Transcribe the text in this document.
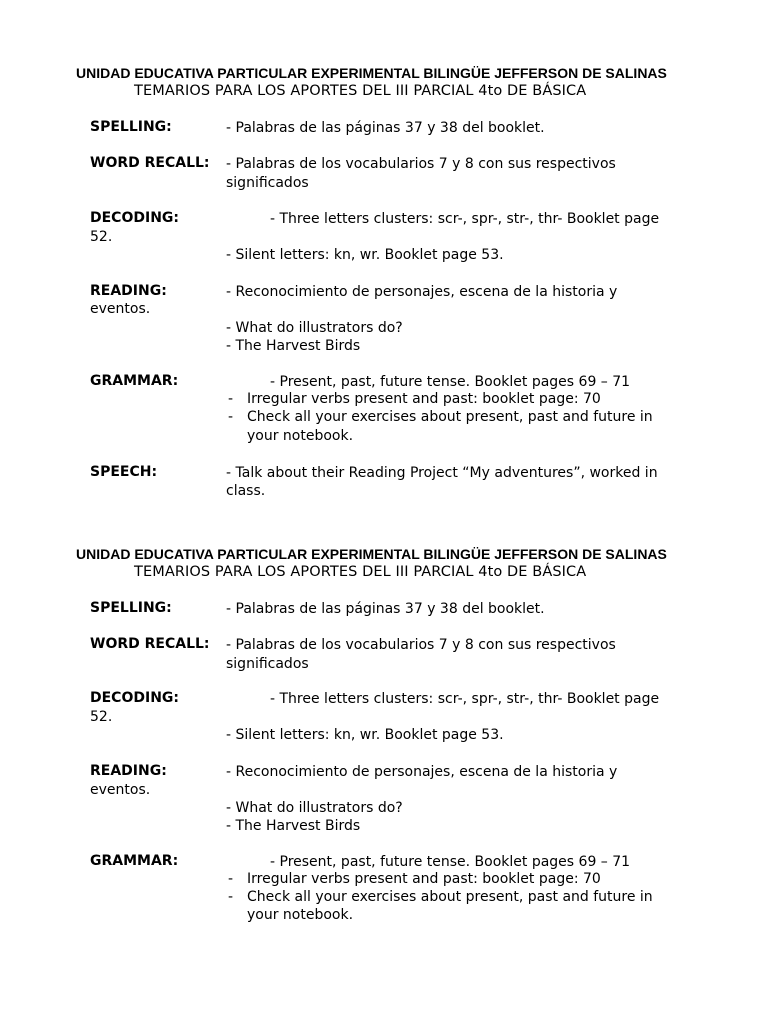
UNIDAD EDUCATIVA PARTICULAR EXPERIMENTAL BILINGÜE JEFFERSON DE SALINAS
TEMARIOS PARA LOS APORTES DEL III PARCIAL 4to DE BÁSICA
SPELLING:	- Palabras de las páginas 37 y 38 del booklet.
WORD RECALL: - Palabras de los vocabularios 7 y 8 con sus respectivos
significados
DECODING:	- Three letters clusters: scr-, spr-, str-, thr- Booklet page
52.
- Silent letters: kn, wr. Booklet page 53.
READING:	- Reconocimiento de personajes, escena de la historia y
eventos.
- What do illustrators do?
- The Harvest Birds
GRAMMAR:	- Present, past, future tense. Booklet pages 69 – 71
- Irregular verbs present and past: booklet page: 70
- Check all your exercises about present, past and future in
your notebook.
SPEECH:	- Talk about their Reading Project “My adventures”, worked in
class.
UNIDAD EDUCATIVA PARTICULAR EXPERIMENTAL BILINGÜE JEFFERSON DE SALINAS
TEMARIOS PARA LOS APORTES DEL III PARCIAL 4to DE BÁSICA
SPELLING:	- Palabras de las páginas 37 y 38 del booklet.
WORD RECALL: - Palabras de los vocabularios 7 y 8 con sus respectivos
significados
DECODING:	- Three letters clusters: scr-, spr-, str-, thr- Booklet page
52.
- Silent letters: kn, wr. Booklet page 53.
READING:	- Reconocimiento de personajes, escena de la historia y
eventos.
- What do illustrators do?
- The Harvest Birds
GRAMMAR:	- Present, past, future tense. Booklet pages 69 – 71
- Irregular verbs present and past: booklet page: 70
- Check all your exercises about present, past and future in
your notebook.
